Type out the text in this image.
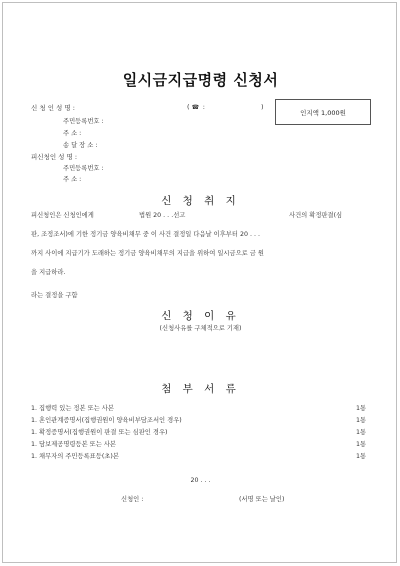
일시금지급명령 신청서
신 청 인 성 명 :	( ☎ :	)
인지액 1,000원
주민등록번호 :
주 소 :
송 달 장 소 :
피신청인 성 명 :
주민등록번호 :
주 소 :
신 청 취 지
피신청인은 신청인에게	법원 20 . . .선고	사건의 확정판결(심
판, 조정조서)에 기한 정기금 양육비채무 중 이 사건 결정일 다음날 이후부터 20 . . .
까지 사이에 지급기가 도래하는 정기금 양육비채무의 지급을 위하여 일시금으로 금 원
을 지급하라.
라는 결정을 구함
신 청 이 유
(신청사유를 구체적으로 기재)
첨 부 서 류
1. 집행력 있는 정본 또는 사본	1통
1. 혼인관계증명서(집행권원이 양육비부담조서인 경우)	1통
1. 확정증명서(집행권원이 판결 또는 심판인 경우)	1통
1. 담보제공명령등본 또는 사본	1통
1. 채무자의 주민등록표등(초)본	1통
20 . . .
신청인 :	(서명 또는 날인)
